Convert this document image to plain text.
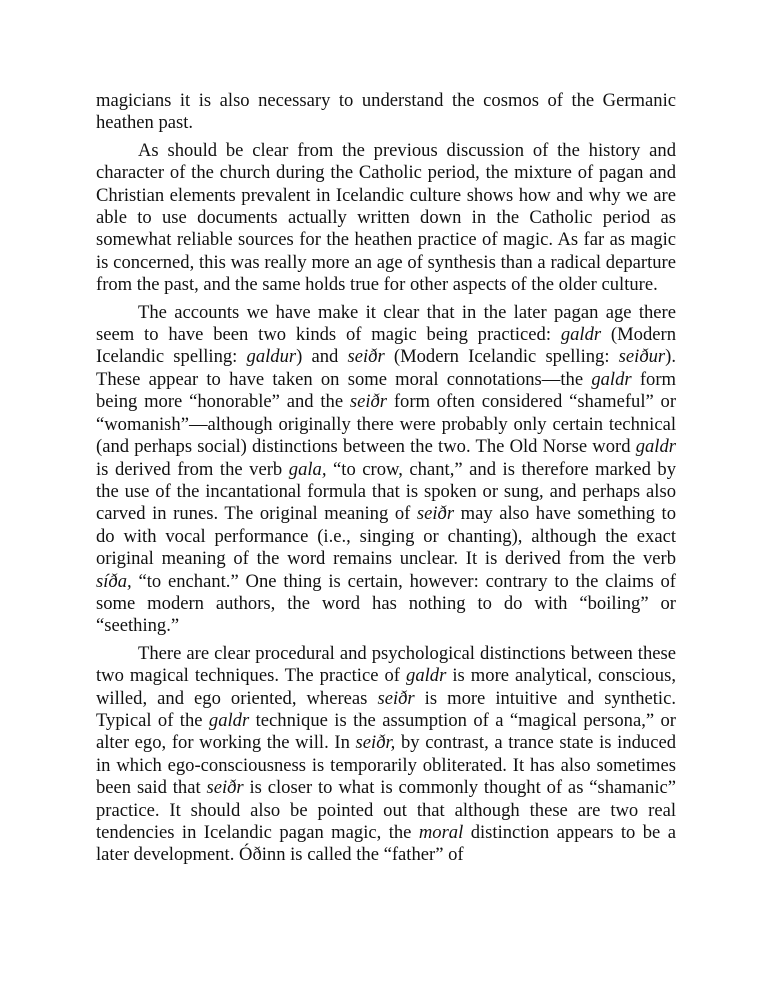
magicians it is also necessary to understand the cosmos of the Germanic heathen past.

As should be clear from the previous discussion of the history and character of the church during the Catholic period, the mixture of pagan and Christian elements prevalent in Icelandic culture shows how and why we are able to use documents actually written down in the Catholic period as somewhat reliable sources for the heathen practice of magic. As far as magic is concerned, this was really more an age of synthesis than a radical departure from the past, and the same holds true for other aspects of the older culture.

The accounts we have make it clear that in the later pagan age there seem to have been two kinds of magic being practiced: galdr (Modern Icelandic spelling: galdur) and seiðr (Modern Icelandic spelling: seiður). These appear to have taken on some moral connotations—the galdr form being more “honorable” and the seiðr form often considered “shameful” or “womanish”—although originally there were probably only certain technical (and perhaps social) distinctions between the two. The Old Norse word galdr is derived from the verb gala, “to crow, chant,” and is therefore marked by the use of the incantational formula that is spoken or sung, and perhaps also carved in runes. The original meaning of seiðr may also have something to do with vocal performance (i.e., singing or chanting), although the exact original meaning of the word remains unclear. It is derived from the verb síða, “to enchant.” One thing is certain, however: contrary to the claims of some modern authors, the word has nothing to do with “boiling” or “seething.”

There are clear procedural and psychological distinctions between these two magical techniques. The practice of galdr is more analytical, conscious, willed, and ego oriented, whereas seiðr is more intuitive and synthetic. Typical of the galdr technique is the assumption of a “magical persona,” or alter ego, for working the will. In seiðr, by contrast, a trance state is induced in which ego-consciousness is temporarily obliterated. It has also sometimes been said that seiðr is closer to what is commonly thought of as “shamanic” practice. It should also be pointed out that although these are two real tendencies in Icelandic pagan magic, the moral distinction appears to be a later development. Óðinn is called the “father” of
